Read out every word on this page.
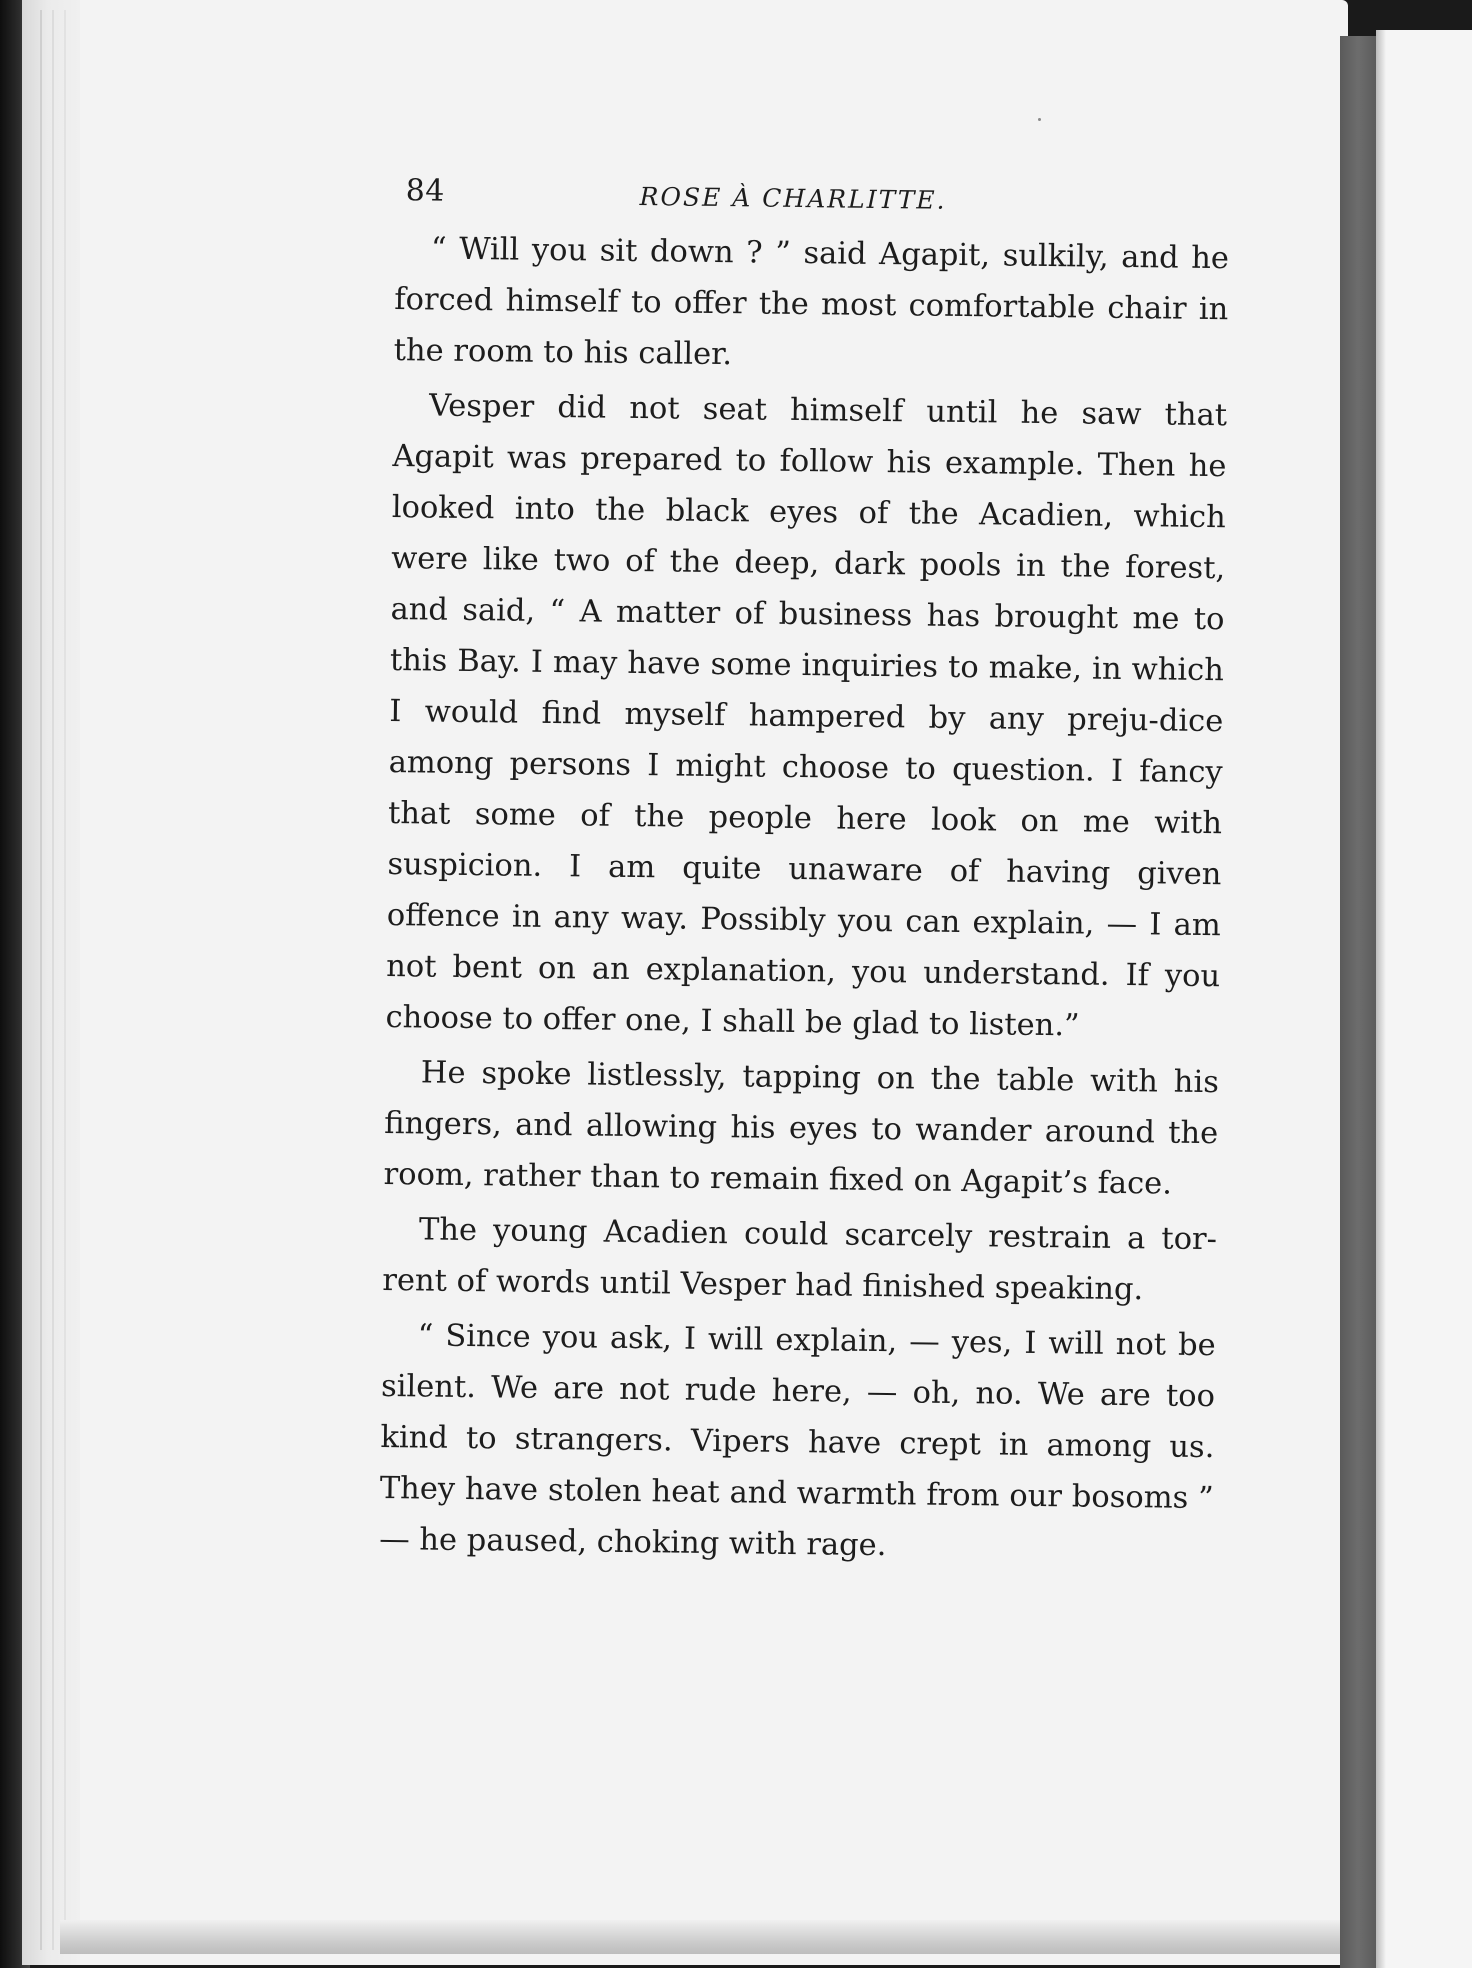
84	ROSE À CHARLITTE.

“ Will you sit down ? ” said Agapit, sulkily, and he forced himself to offer the most comfortable chair in the room to his caller.

Vesper did not seat himself until he saw that Agapit was prepared to follow his example. Then he looked into the black eyes of the Acadien, which were like two of the deep, dark pools in the forest, and said, “ A matter of business has brought me to this Bay. I may have some inquiries to make, in which I would find myself hampered by any preju-dice among persons I might choose to question. I fancy that some of the people here look on me with suspicion. I am quite unaware of having given offence in any way. Possibly you can explain, — I am not bent on an explanation, you understand. If you choose to offer one, I shall be glad to listen.”

He spoke listlessly, tapping on the table with his fingers, and allowing his eyes to wander around the room, rather than to remain fixed on Agapit’s face.

The young Acadien could scarcely restrain a tor-rent of words until Vesper had finished speaking.

“ Since you ask, I will explain, — yes, I will not be silent. We are not rude here, — oh, no. We are too kind to strangers. Vipers have crept in among us. They have stolen heat and warmth from our bosoms ” — he paused, choking with rage.
